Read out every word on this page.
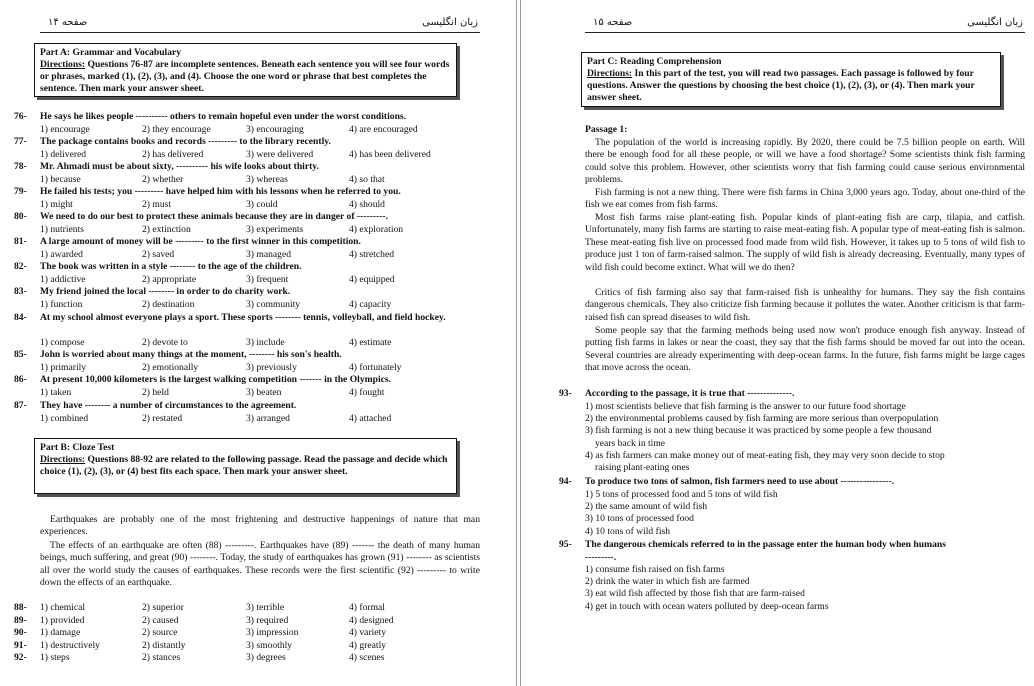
صفحه ۱۴	زبان انگلیسی
Part A: Grammar and Vocabulary
Directions: Questions 76-87 are incomplete sentences. Beneath each sentence you will see four words or phrases, marked (1), (2), (3), and (4). Choose the one word or phrase that best completes the sentence. Then mark your answer sheet.
76- He says he likes people ---------- others to remain hopeful even under the worst conditions.
1) encourage	2) they encourage	3) encouraging	4) are encouraged
77- The package contains books and records --------- to the library recently.
1) delivered	2) has delivered	3) were delivered	4) has been delivered
78- Mr. Ahmadi must be about sixty, ---------- his wife looks about thirty.
1) because	2) whether	3) whereas	4) so that
79- He failed his tests; you --------- have helped him with his lessons when he referred to you.
1) might	2) must	3) could	4) should
80- We need to do our best to protect these animals because they are in danger of ---------.
1) nutrients	2) extinction	3) experiments	4) exploration
81- A large amount of money will be --------- to the first winner in this competition.
1) awarded	2) saved	3) managed	4) stretched
82- The book was written in a style -------- to the age of the children.
1) addictive	2) appropriate	3) frequent	4) equipped
83- My friend joined the local -------- in order to do charity work.
1) function	2) destination	3) community	4) capacity
84- At my school almost everyone plays a sport. These sports -------- tennis, volleyball, and field hockey.
1) compose	2) devote to	3) include	4) estimate
85- John is worried about many things at the moment, -------- his son's health.
1) primarily	2) emotionally	3) previously	4) fortunately
86- At present 10,000 kilometers is the largest walking competition ------- in the Olympics.
1) taken	2) held	3) beaten	4) fought
87- They have -------- a number of circumstances to the agreement.
1) combined	2) restated	3) arranged	4) attached
Part B: Cloze Test
Directions: Questions 88-92 are related to the following passage. Read the passage and decide which choice (1), (2), (3), or (4) best fits each space. Then mark your answer sheet.
Earthquakes are probably one of the most frightening and destructive happenings of nature that man experiences.
The effects of an earthquake are often (88) ---------. Earthquakes have (89) ------- the death of many human beings, much suffering, and great (90) --------. Today, the study of earthquakes has grown (91) -------- as scientists all over the world study the causes of earthquakes. These records were the first scientific (92) --------- to write down the effects of an earthquake.
88- 1) chemical	2) superior	3) terrible	4) formal
89- 1) provided	2) caused	3) required	4) designed
90- 1) damage	2) source	3) impression	4) variety
91- 1) destructively	2) distantly	3) smoothly	4) greatly
92- 1) steps	2) stances	3) degrees	4) scenes
صفحه ۱۵	زبان انگلیسی
Part C: Reading Comprehension
Directions: In this part of the test, you will read two passages. Each passage is followed by four questions. Answer the questions by choosing the best choice (1), (2), (3), or (4). Then mark your answer sheet.
Passage 1:
The population of the world is increasing rapidly. By 2020, there could be 7.5 billion people on earth. Will there be enough food for all these people, or will we have a food shortage? Some scientists think fish farming could solve this problem. However, other scientists worry that fish farming could cause serious environmental problems.
Fish farming is not a new thing. There were fish farms in China 3,000 years ago. Today, about one-third of the fish we eat comes from fish farms.
Most fish farms raise plant-eating fish. Popular kinds of plant-eating fish are carp, tilapia, and catfish. Unfortunately, many fish farms are starting to raise meat-eating fish. A popular type of meat-eating fish is salmon. These meat-eating fish live on processed food made from wild fish. However, it takes up to 5 tons of wild fish to produce just 1 ton of farm-raised salmon. The supply of wild fish is already decreasing. Eventually, many types of wild fish could become extinct. What will we do then?
Critics of fish farming also say that farm-raised fish is unhealthy for humans. They say the fish contains dangerous chemicals. They also criticize fish farming because it pollutes the water. Another criticism is that farm-raised fish can spread diseases to wild fish.
Some people say that the farming methods being used now won't produce enough fish anyway. Instead of putting fish farms in lakes or near the coast, they say that the fish farms should be moved far out into the ocean. Several countries are already experimenting with deep-ocean farms. In the future, fish farms might be large cages that move across the ocean.
93- According to the passage, it is true that --------------.
1) most scientists believe that fish farming is the answer to our future food shortage
2) the environmental problems caused by fish farming are more serious than overpopulation
3) fish farming is not a new thing because it was practiced by some people a few thousand
years back in time
4) as fish farmers can make money out of meat-eating fish, they may very soon decide to stop
raising plant-eating ones
94- To produce two tons of salmon, fish farmers need to use about ----------------.
1) 5 tons of processed food and 5 tons of wild fish
2) the same amount of wild fish
3) 10 tons of processed food
4) 10 tons of wild fish
95- The dangerous chemicals referred to in the passage enter the human body when humans
---------.
1) consume fish raised on fish farms
2) drink the water in which fish are farmed
3) eat wild fish affected by those fish that are farm-raised
4) get in touch with ocean waters polluted by deep-ocean farms
